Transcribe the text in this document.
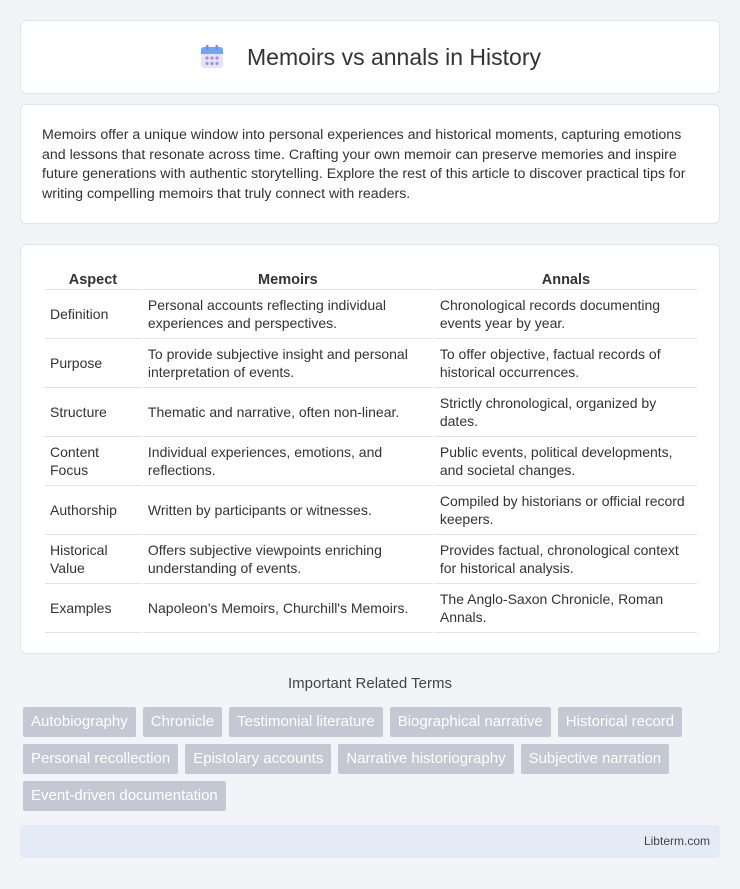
Memoirs vs annals in History

Memoirs offer a unique window into personal experiences and historical moments, capturing emotions and lessons that resonate across time. Crafting your own memoir can preserve memories and inspire future generations with authentic storytelling. Explore the rest of this article to discover practical tips for writing compelling memoirs that truly connect with readers.

Aspect	Memoirs	Annals
Definition	Personal accounts reflecting individual experiences and perspectives.	Chronological records documenting events year by year.
Purpose	To provide subjective insight and personal interpretation of events.	To offer objective, factual records of historical occurrences.
Structure	Thematic and narrative, often non-linear.	Strictly chronological, organized by dates.
Content Focus	Individual experiences, emotions, and reflections.	Public events, political developments, and societal changes.
Authorship	Written by participants or witnesses.	Compiled by historians or official record keepers.
Historical Value	Offers subjective viewpoints enriching understanding of events.	Provides factual, chronological context for historical analysis.
Examples	Napoleon's Memoirs, Churchill's Memoirs.	The Anglo-Saxon Chronicle, Roman Annals.
Important Related Terms
Autobiography	Chronicle	Testimonial literature	Biographical narrative	Historical record
Personal recollection	Epistolary accounts	Narrative historiography	Subjective narration
Event-driven documentation
Libterm.com
